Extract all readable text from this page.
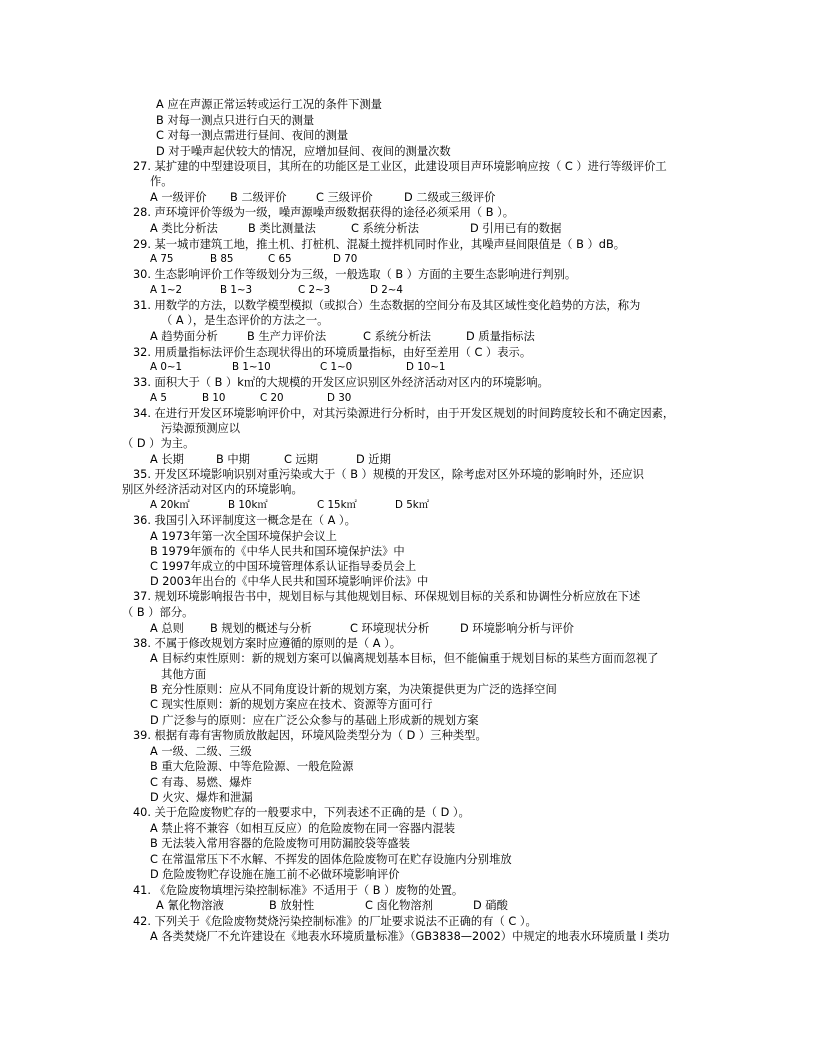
A 应在声源正常运转或运行工况的条件下测量
B 对每一测点只进行白天的测量
C 对每一测点需进行昼间、夜间的测量
D 对于噪声起伏较大的情况，应增加昼间、夜间的测量次数
27. 某扩建的中型建设项目，其所在的功能区是工业区，此建设项目声环境影响应按（ C ）进行等级评价工
作。
A 一级评价 B 二级评价	C 三级评价	D 二级或三级评价
28. 声环境评价等级为一级，噪声源噪声级数据获得的途径必须采用（ B ）。
A 类比分析法	B 类比测量法	C 系统分析法	D 引用已有的数据
29. 某一城市建筑工地，推土机、打桩机、混凝土搅拌机同时作业，其噪声昼间限值是（ B ）dB。
A 75	B 85	C 65	D 70
30. 生态影响评价工作等级划分为三级，一般选取（ B ）方面的主要生态影响进行判别。
A 1~2	B 1~3	C 2~3	D 2~4
31. 用数学的方法，以数学模型模拟（或拟合）生态数据的空间分布及其区域性变化趋势的方法，称为
（ A ），是生态评价的方法之一。
A 趋势面分析	B 生产力评价法	C 系统分析法	D 质量指标法
32. 用质量指标法评价生态现状得出的环境质量指标，由好至差用（ C ）表示。
A 0~1	B 1~10	C 1~0	D 10~1
33. 面积大于（ B ）k㎡的大规模的开发区应识别区外经济活动对区内的环境影响。
A 5	B 10	C 20	D 30
34. 在进行开发区环境影响评价中，对其污染源进行分析时，由于开发区规划的时间跨度较长和不确定因素，
污染源预测应以
（ D ）为主。
A 长期	B 中期	C 远期	D 近期
35. 开发区环境影响识别对重污染或大于（ B ）规模的开发区，除考虑对区外环境的影响时外，还应识
别区外经济活动对区内的环境影响。
A 20k㎡	B 10k㎡	C 15k㎡	D 5k㎡
36. 我国引入环评制度这一概念是在（ A ）。
A 1973年第一次全国环境保护会议上
B 1979年颁布的《中华人民共和国环境保护法》中
C 1997年成立的中国环境管理体系认证指导委员会上
D 2003年出台的《中华人民共和国环境影响评价法》中
37. 规划环境影响报告书中，规划目标与其他规划目标、环保规划目标的关系和协调性分析应放在下述
（ B ）部分。
A 总则 B 规划的概述与分析	C 环境现状分析	D 环境影响分析与评价
38. 不属于修改规划方案时应遵循的原则的是（ A ）。
A 目标约束性原则：新的规划方案可以偏离规划基本目标，但不能偏重于规划目标的某些方面而忽视了
其他方面
B 充分性原则：应从不同角度设计新的规划方案，为决策提供更为广泛的选择空间
C 现实性原则：新的规划方案应在技术、资源等方面可行
D 广泛参与的原则：应在广泛公众参与的基础上形成新的规划方案
39. 根据有毒有害物质放散起因，环境风险类型分为（ D ）三种类型。
A 一级、二级、三级
B 重大危险源、中等危险源、一般危险源
C 有毒、易燃、爆炸
D 火灾、爆炸和泄漏
40. 关于危险废物贮存的一般要求中，下列表述不正确的是（ D ）。
A 禁止将不兼容（如相互反应）的危险废物在同一容器内混装
B 无法装入常用容器的危险废物可用防漏胶袋等盛装
C 在常温常压下不水解、不挥发的固体危险废物可在贮存设施内分别堆放
D 危险废物贮存设施在施工前不必做环境影响评价
41. 《危险废物填埋污染控制标准》不适用于（ B ）废物的处置。
A 氰化物溶液	B 放射性	C 卤化物溶剂	D 硝酸
42. 下列关于《危险废物焚烧污染控制标准》的厂址要求说法不正确的有（ C ）。
A 各类焚烧厂不允许建设在《地表水环境质量标准》（GB3838—2002）中规定的地表水环境质量 I 类功
